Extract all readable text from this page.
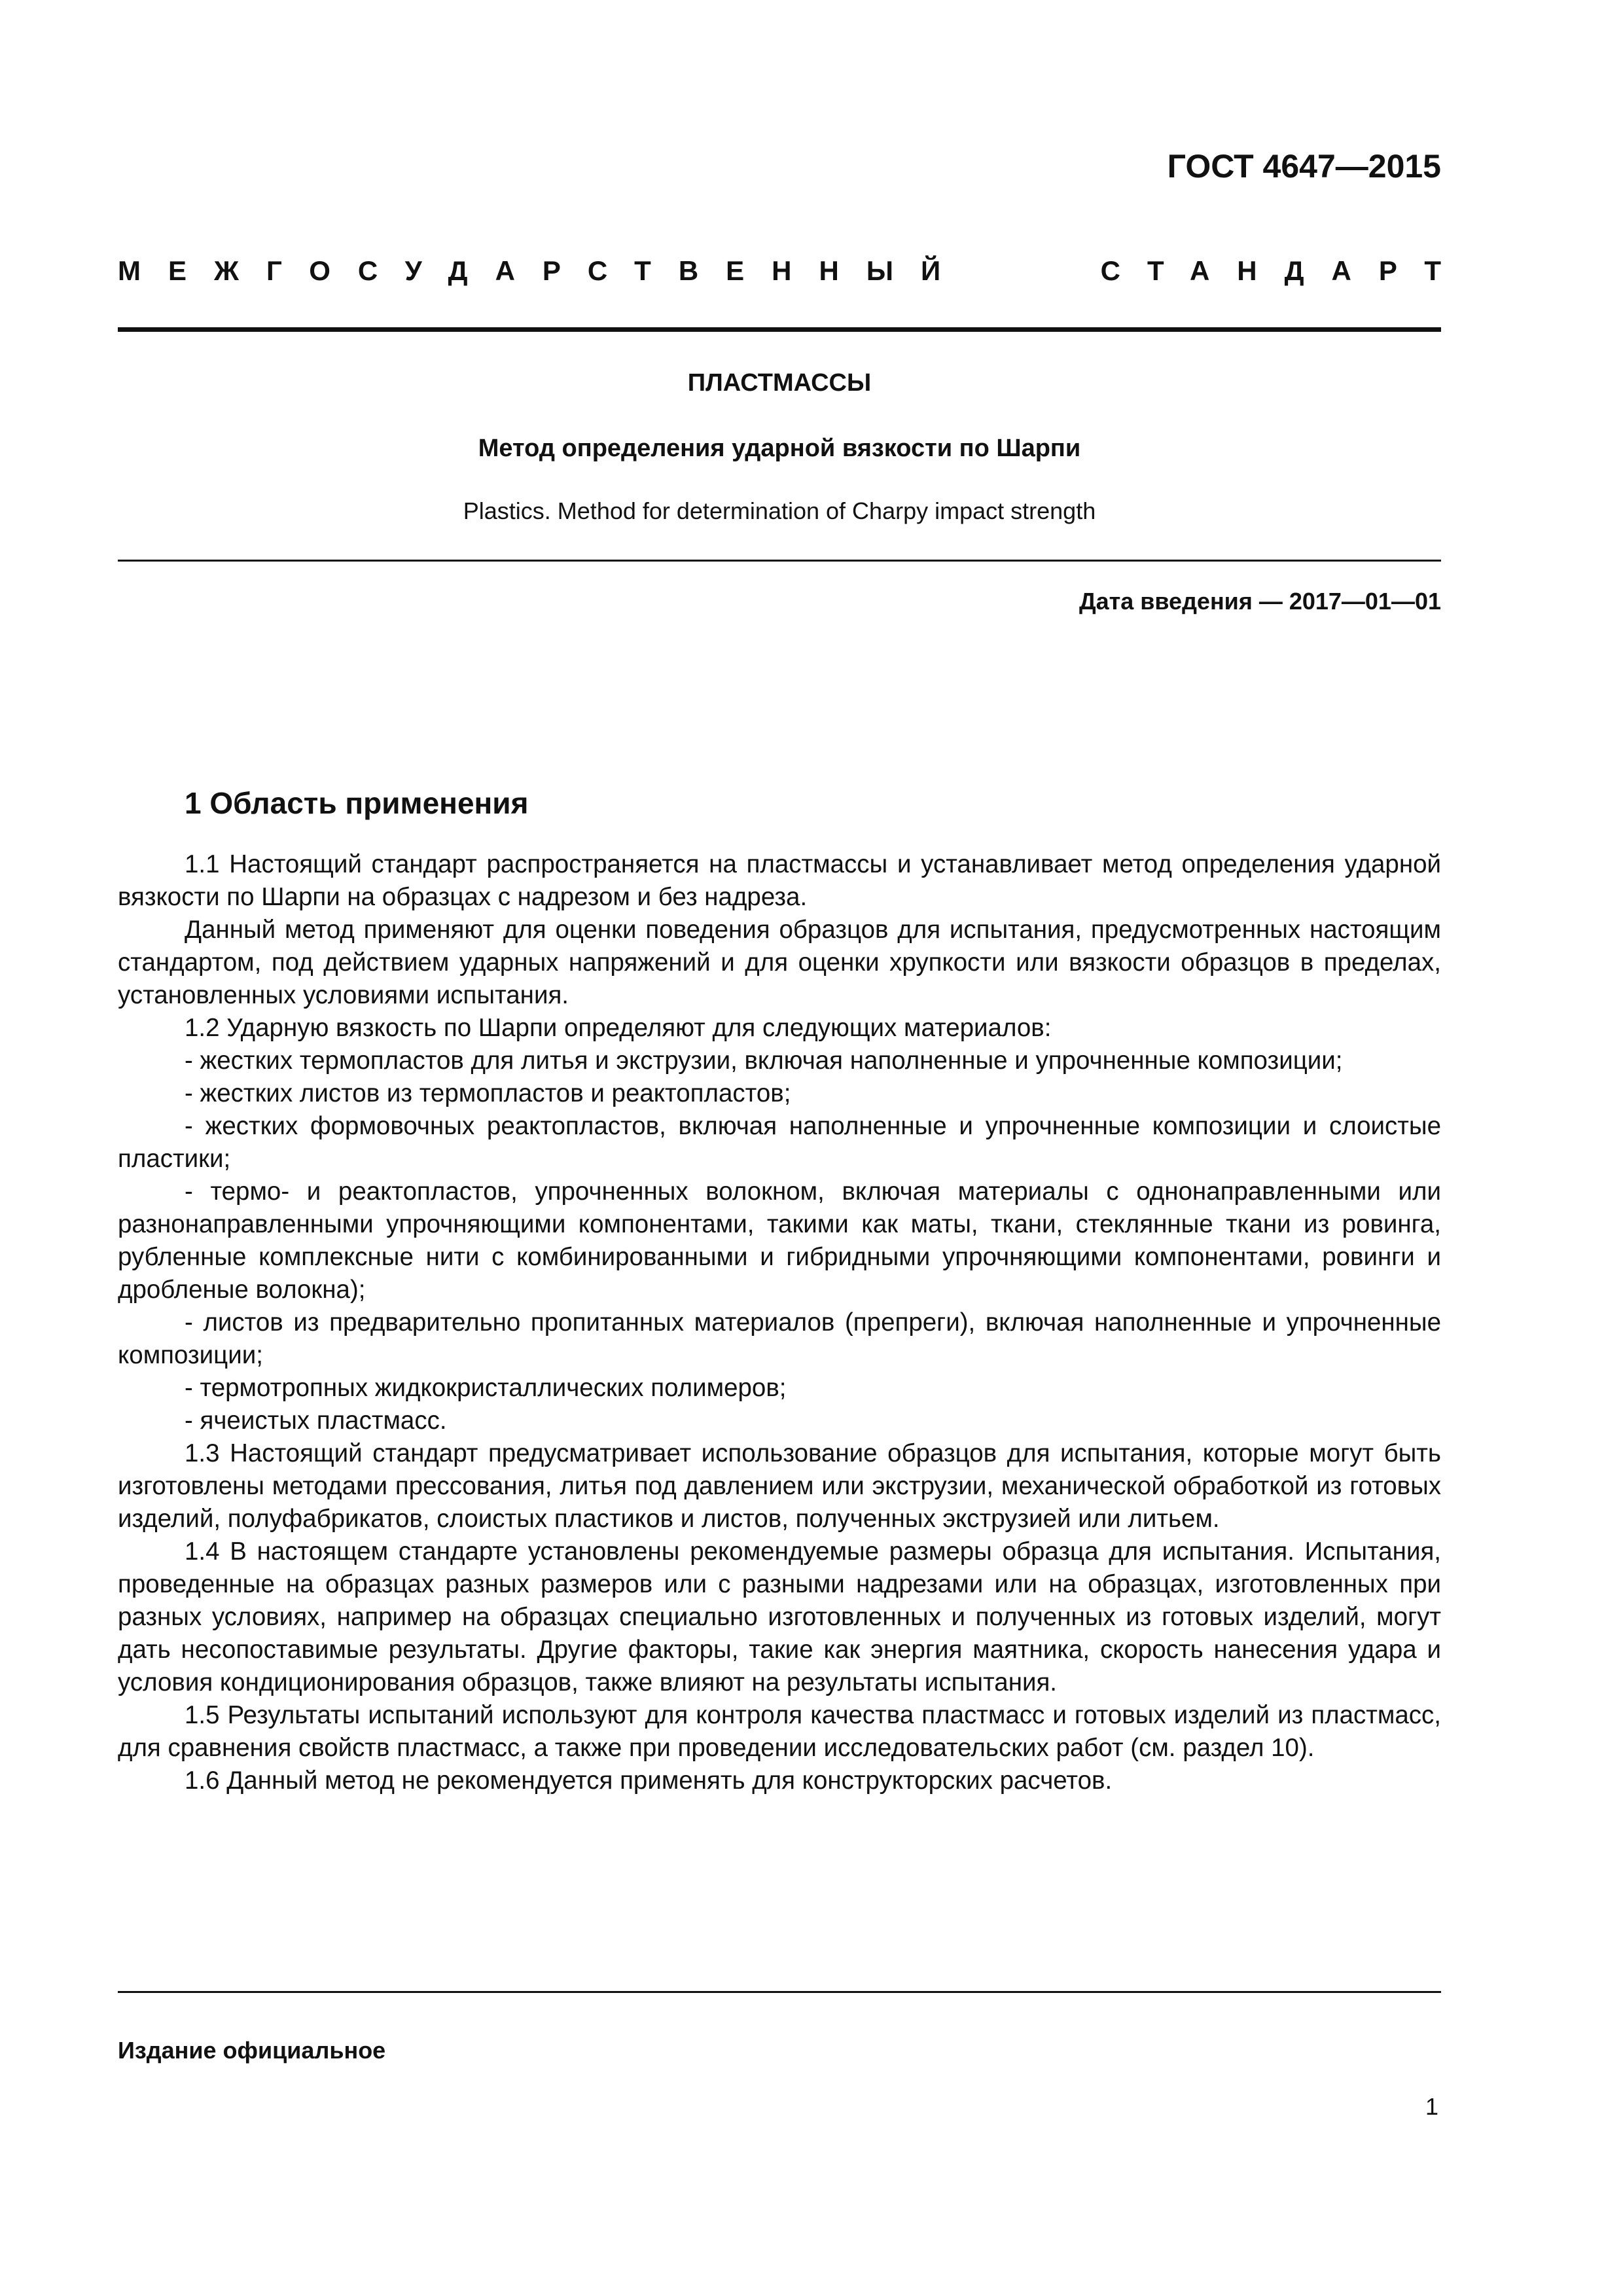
ГОСТ 4647—2015
МЕЖГОСУДАРСТВЕННЫЙ	СТАНДАРТ
ПЛАСТМАССЫ
Метод определения ударной вязкости по Шарпи
Plastics. Method for determination of Charpy impact strength
Дата введения — 2017—01—01
1 Область применения

1.1 Настоящий стандарт распространяется на пластмассы и устанавливает метод определения ударной вязкости по Шарпи на образцах с надрезом и без надреза.

Данный метод применяют для оценки поведения образцов для испытания, предусмотренных настоящим стандартом, под действием ударных напряжений и для оценки хрупкости или вязкости образцов в пределах, установленных условиями испытания.

1.2 Ударную вязкость по Шарпи определяют для следующих материалов:

- жестких термопластов для литья и экструзии, включая наполненные и упрочненные композиции;

- жестких листов из термопластов и реактопластов;

- жестких формовочных реактопластов, включая наполненные и упрочненные композиции и слоистые пластики;

- термо- и реактопластов, упрочненных волокном, включая материалы с однонаправленными или разнонаправленными упрочняющими компонентами, такими как маты, ткани, стеклянные ткани из ровинга, рубленные комплексные нити с комбинированными и гибридными упрочняющими компонентами, ровинги и дробленые волокна);

- листов из предварительно пропитанных материалов (препреги), включая наполненные и упрочненные композиции;

- термотропных жидкокристаллических полимеров;

- ячеистых пластмасс.

1.3 Настоящий стандарт предусматривает использование образцов для испытания, которые могут быть изготовлены методами прессования, литья под давлением или экструзии, механической обработкой из готовых изделий, полуфабрикатов, слоистых пластиков и листов, полученных экструзией или литьем.

1.4 В настоящем стандарте установлены рекомендуемые размеры образца для испытания. Испытания, проведенные на образцах разных размеров или с разными надрезами или на образцах, изготовленных при разных условиях, например на образцах специально изготовленных и полученных из готовых изделий, могут дать несопоставимые результаты. Другие факторы, такие как энергия маятника, скорость нанесения удара и условия кондиционирования образцов, также влияют на результаты испытания.

1.5 Результаты испытаний используют для контроля качества пластмасс и готовых изделий из пластмасс, для сравнения свойств пластмасс, а также при проведении исследовательских работ (см. раздел 10).

1.6 Данный метод не рекомендуется применять для конструкторских расчетов.

Издание официальное
1
